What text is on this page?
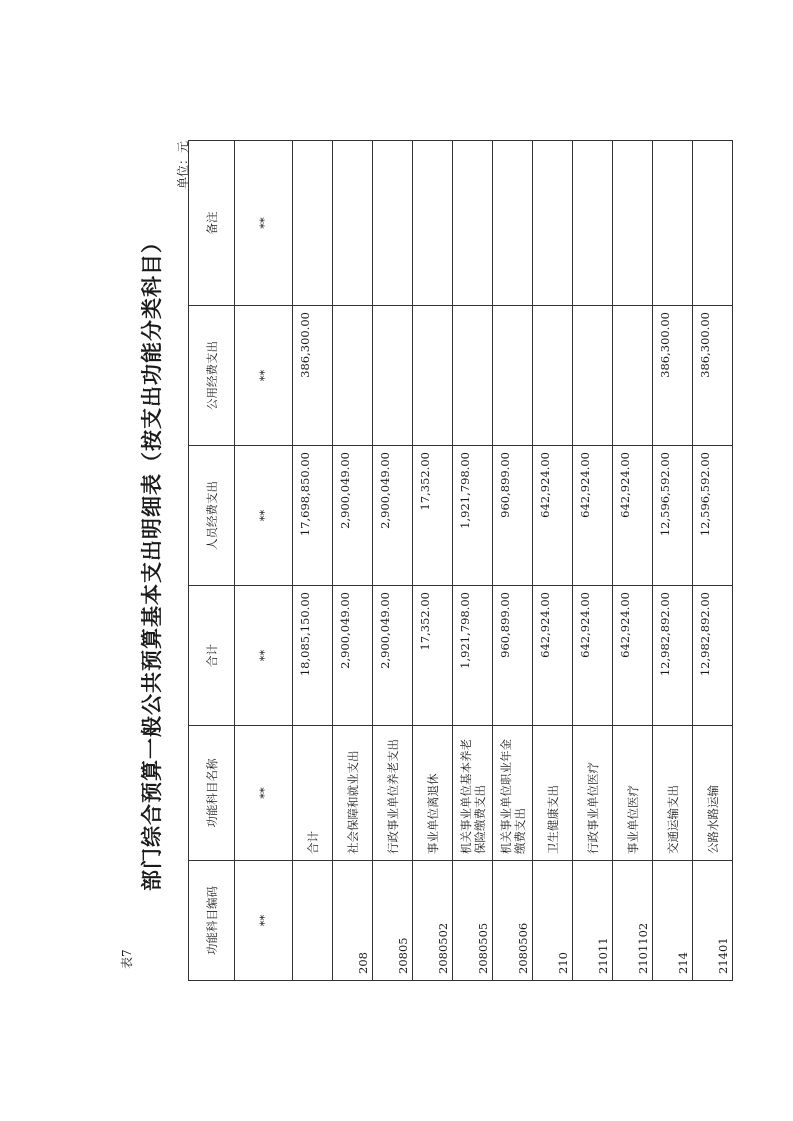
表7
部门综合预算一般公共预算基本支出明细表（按支出功能分类科目）
单位：元
功能科目编码	功能科目名称	合计	人员经费支出	公用经费支出	备注
**	**	**	**	**	**
	合计	18,085,150.00	17,698,850.00	386,300.00	
208	社会保障和就业支出	2,900,049.00	2,900,049.00		
20805	行政事业单位养老支出	2,900,049.00	2,900,049.00		
2080502	事业单位离退休	17,352.00	17,352.00		
2080505	机关事业单位基本养老保险缴费支出	1,921,798.00	1,921,798.00		
2080506	机关事业单位职业年金缴费支出	960,899.00	960,899.00		
210	卫生健康支出	642,924.00	642,924.00		
21011	行政事业单位医疗	642,924.00	642,924.00		
2101102	事业单位医疗	642,924.00	642,924.00		
214	交通运输支出	12,982,892.00	12,596,592.00	386,300.00	
21401	公路水路运输	12,982,892.00	12,596,592.00	386,300.00	
